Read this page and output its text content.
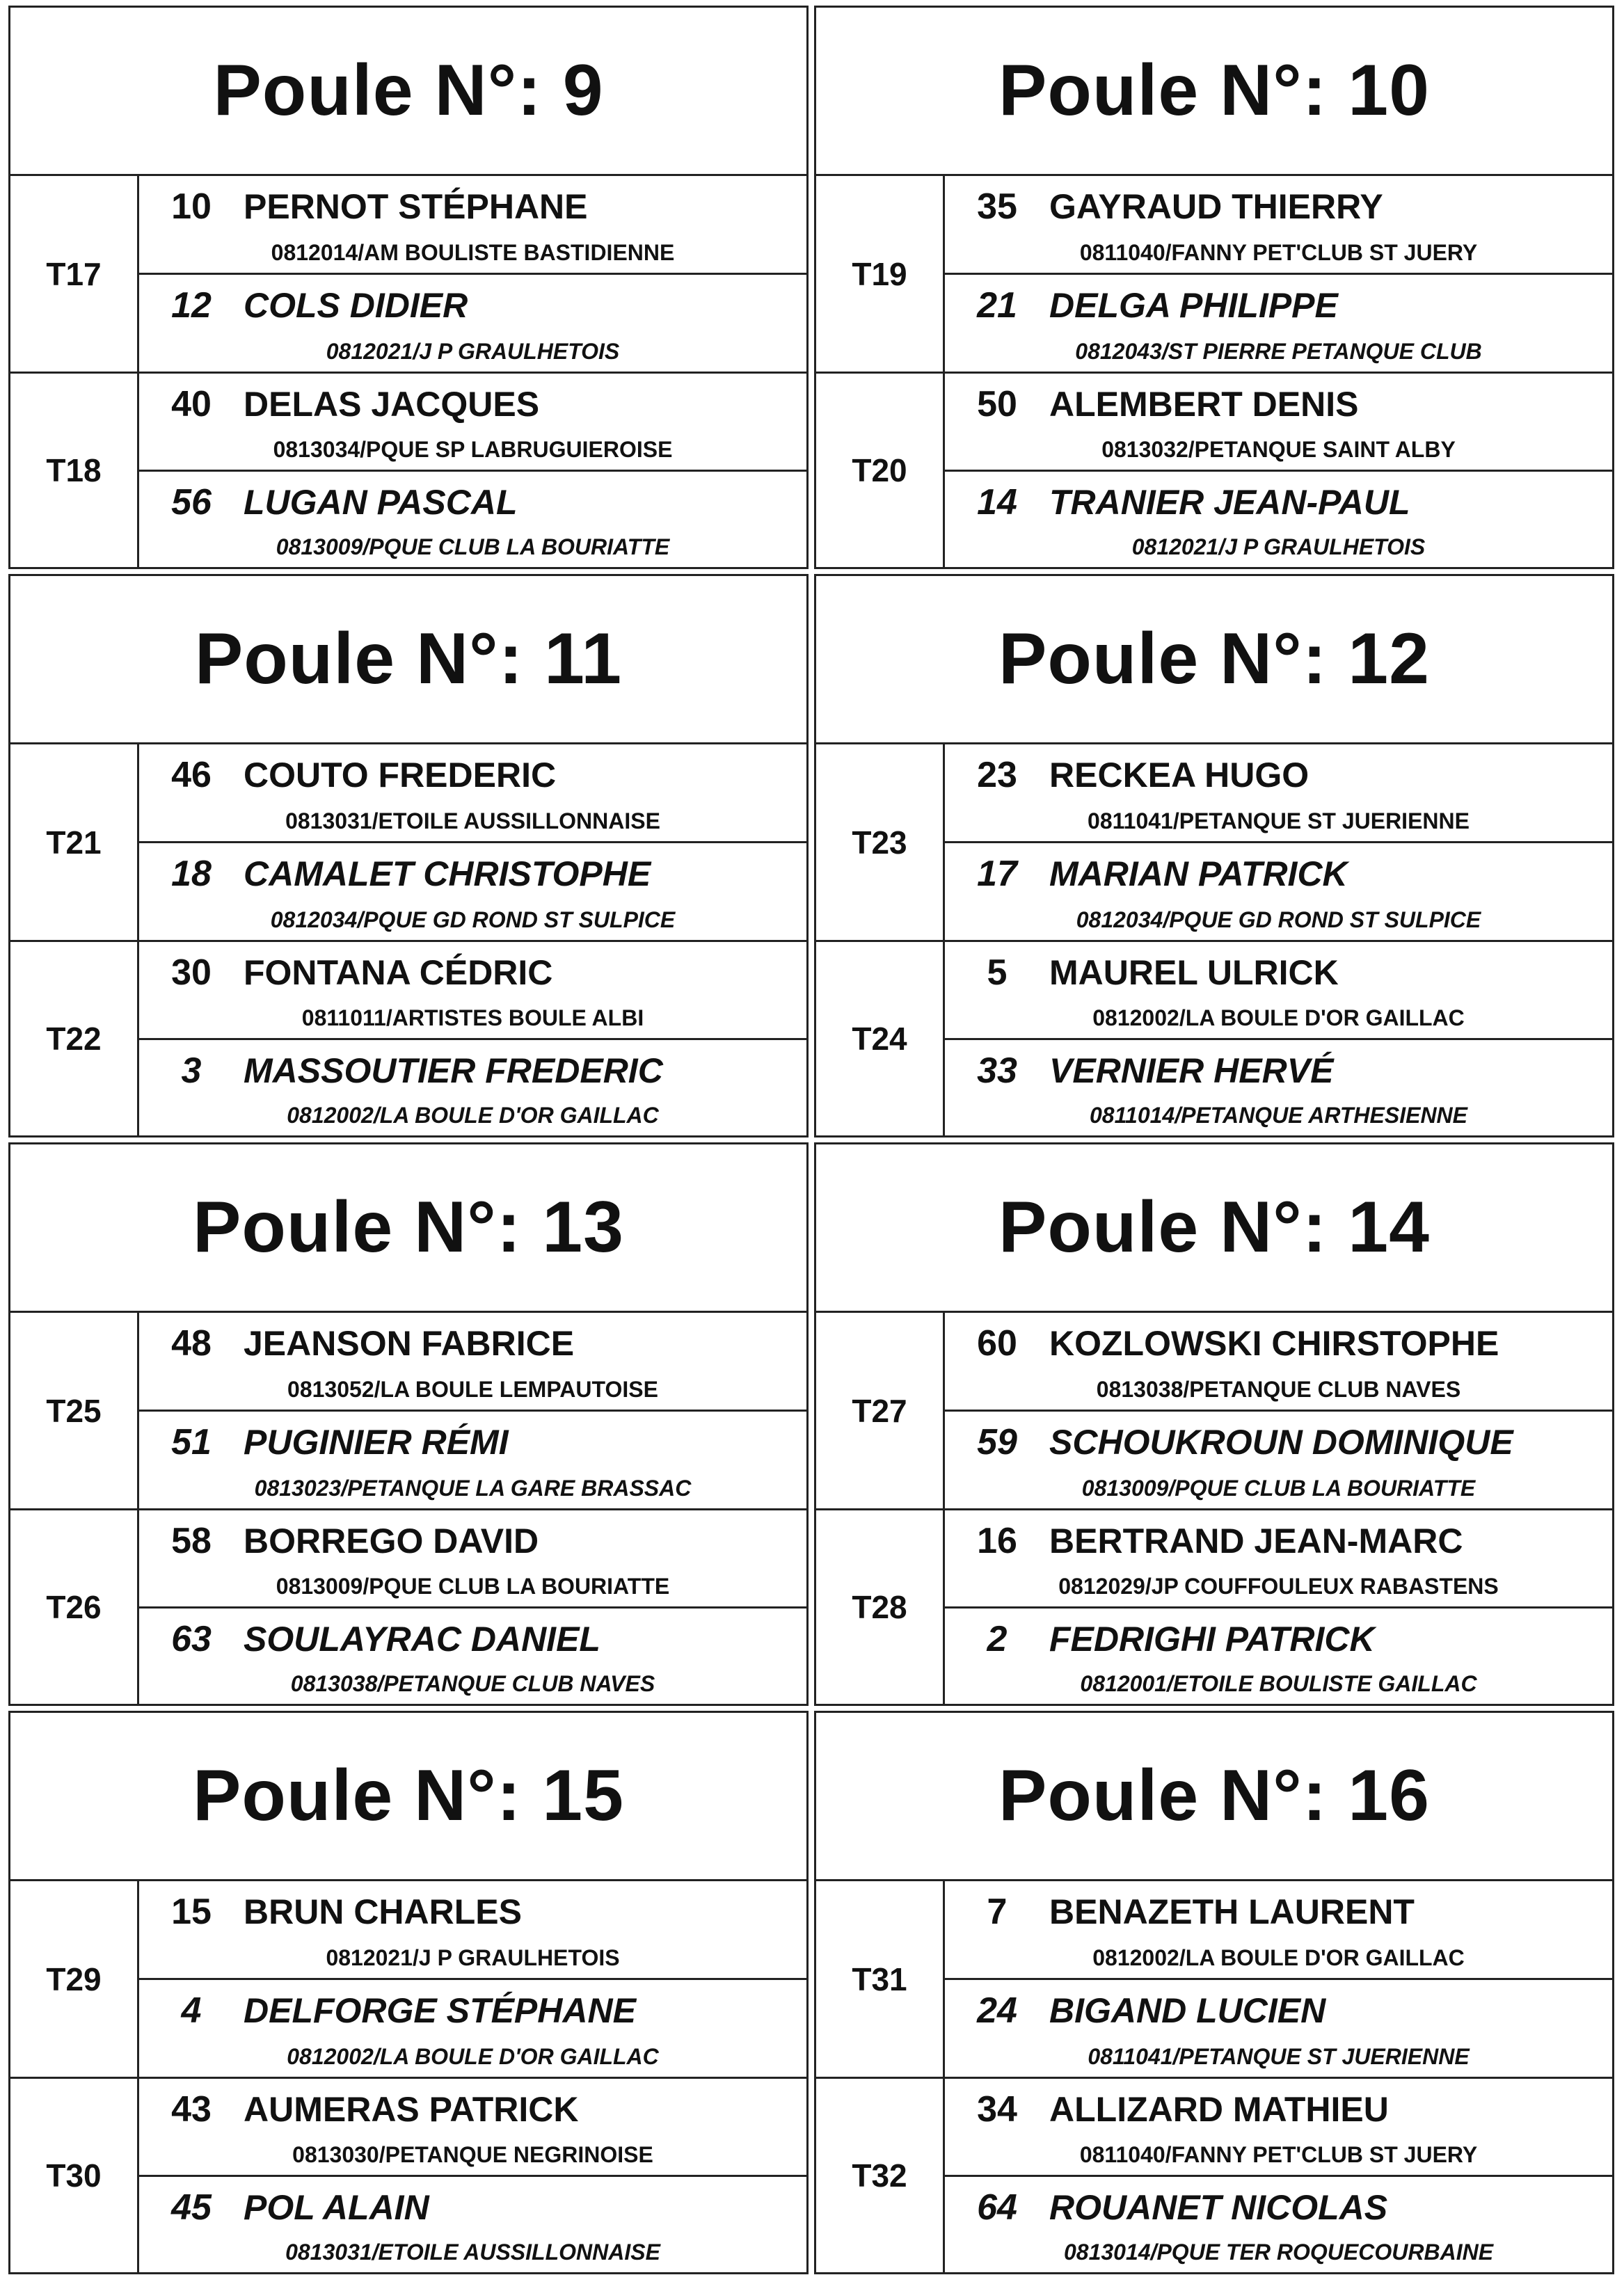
Poule N°: 9
T17
10 PERNOT STÉPHANE
0812014/AM BOULISTE BASTIDIENNE
12 COLS DIDIER
0812021/J P GRAULHETOIS
T18
40 DELAS JACQUES
0813034/PQUE SP LABRUGUIEROISE
56 LUGAN PASCAL
0813009/PQUE CLUB LA BOURIATTE
Poule N°: 10
T19
35 GAYRAUD THIERRY
0811040/FANNY PET'CLUB ST JUERY
21 DELGA PHILIPPE
0812043/ST PIERRE PETANQUE CLUB
T20
50 ALEMBERT DENIS
0813032/PETANQUE SAINT ALBY
14 TRANIER JEAN-PAUL
0812021/J P GRAULHETOIS
Poule N°: 11
T21
46 COUTO FREDERIC
0813031/ETOILE AUSSILLONNAISE
18 CAMALET CHRISTOPHE
0812034/PQUE GD ROND ST SULPICE
T22
30 FONTANA CÉDRIC
0811011/ARTISTES BOULE ALBI
3	MASSOUTIER FREDERIC
0812002/LA BOULE D'OR GAILLAC
Poule N°: 12
T23
23 RECKEA HUGO
0811041/PETANQUE ST JUERIENNE
17 MARIAN PATRICK
0812034/PQUE GD ROND ST SULPICE
T24
5	MAUREL ULRICK
0812002/LA BOULE D'OR GAILLAC
33 VERNIER HERVÉ
0811014/PETANQUE ARTHESIENNE
Poule N°: 13
T25
48 JEANSON FABRICE
0813052/LA BOULE LEMPAUTOISE
51 PUGINIER RÉMI
0813023/PETANQUE LA GARE BRASSAC
T26
58 BORREGO DAVID
0813009/PQUE CLUB LA BOURIATTE
63 SOULAYRAC DANIEL
0813038/PETANQUE CLUB NAVES
Poule N°: 14
T27
60 KOZLOWSKI CHIRSTOPHE
0813038/PETANQUE CLUB NAVES
59 SCHOUKROUN DOMINIQUE
0813009/PQUE CLUB LA BOURIATTE
T28
16 BERTRAND JEAN-MARC
0812029/JP COUFFOULEUX RABASTENS
2	FEDRIGHI PATRICK
0812001/ETOILE BOULISTE GAILLAC
Poule N°: 15
T29
15 BRUN CHARLES
0812021/J P GRAULHETOIS
4	DELFORGE STÉPHANE
0812002/LA BOULE D'OR GAILLAC
T30
43 AUMERAS PATRICK
0813030/PETANQUE NEGRINOISE
45 POL ALAIN
0813031/ETOILE AUSSILLONNAISE
Poule N°: 16
T31
7	BENAZETH LAURENT
0812002/LA BOULE D'OR GAILLAC
24 BIGAND LUCIEN
0811041/PETANQUE ST JUERIENNE
T32
34 ALLIZARD MATHIEU
0811040/FANNY PET'CLUB ST JUERY
64 ROUANET NICOLAS
0813014/PQUE TER ROQUECOURBAINE
